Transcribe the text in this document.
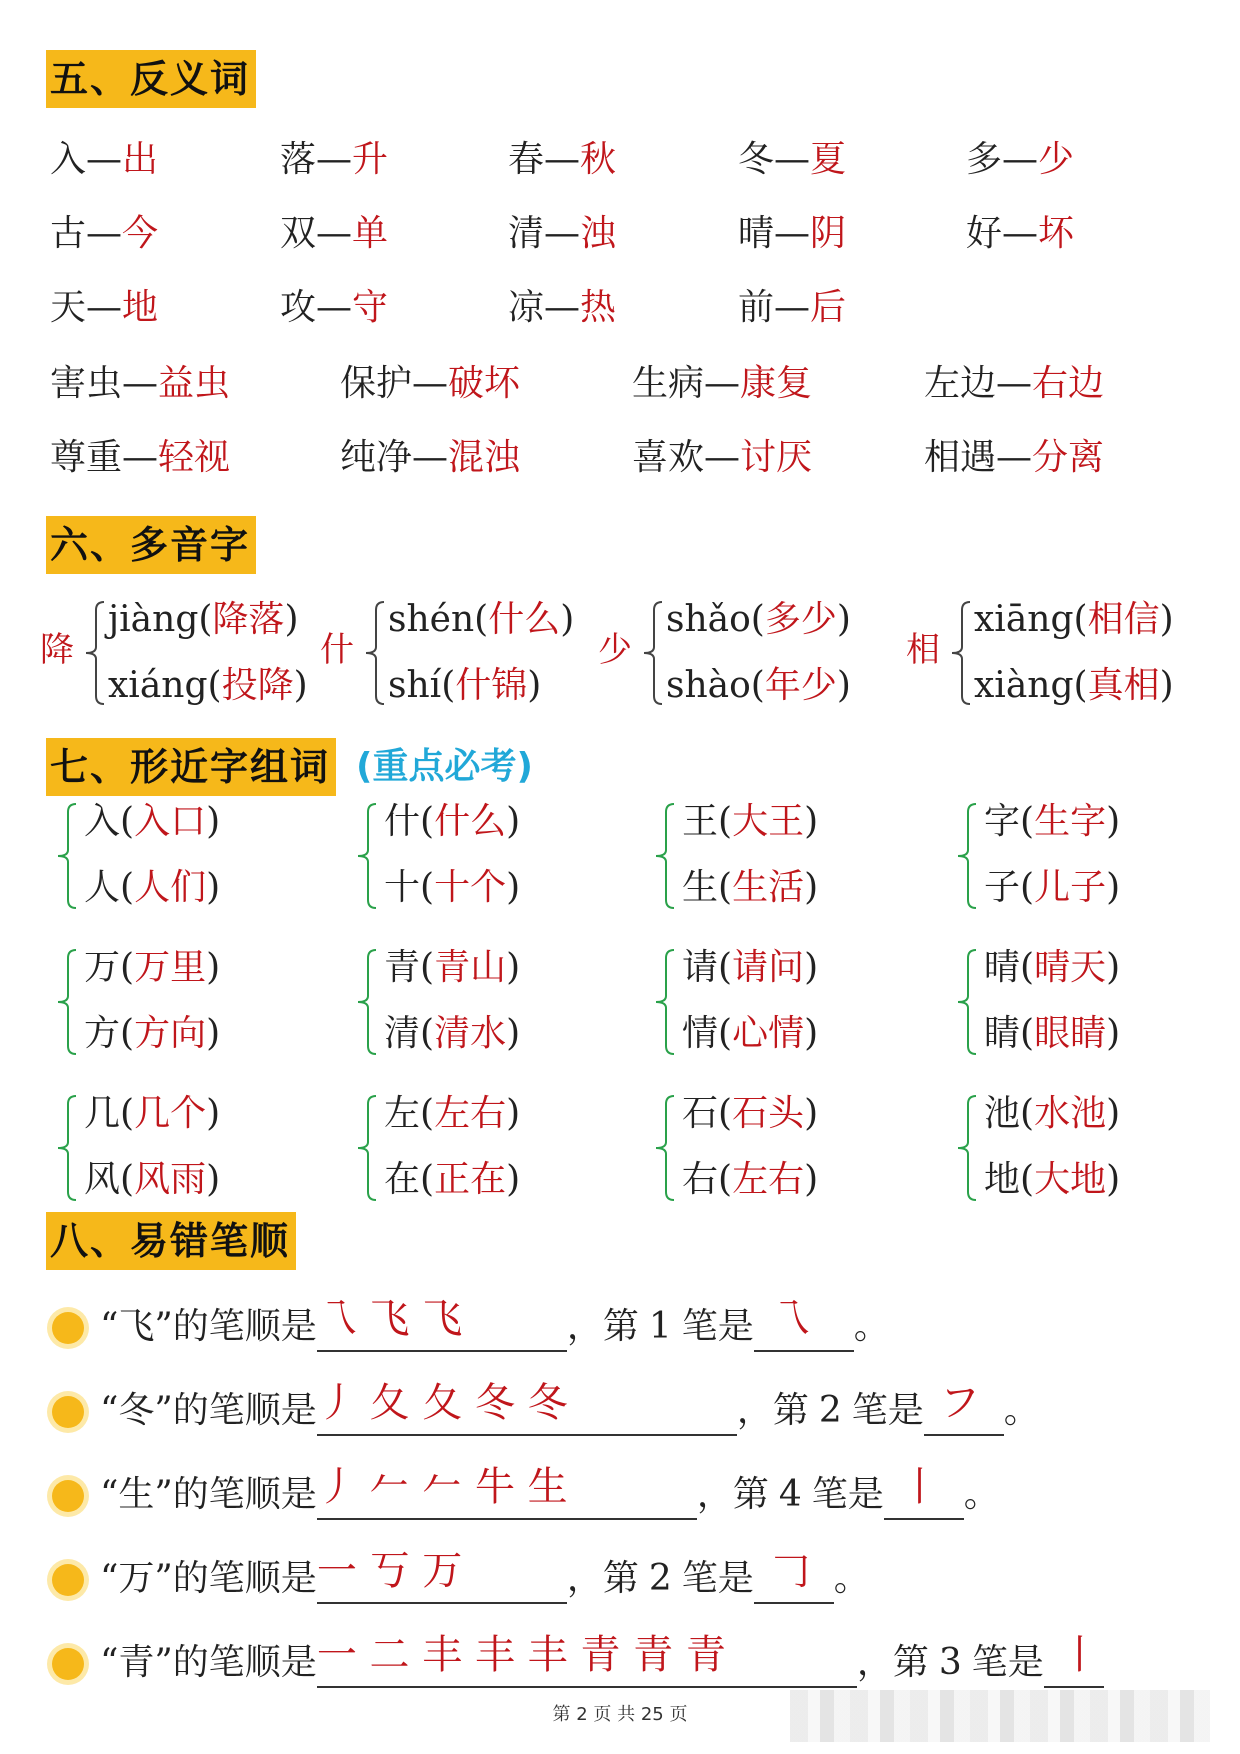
五、反义词
入—出	落—升	春—秋	冬—夏	多—少
古—今	双—单	清—浊	晴—阴	好—坏
天—地	攻—守	凉—热	前—后
害虫—益虫	保护—破坏	生病—康复	左边—右边
尊重—轻视	纯净—混浊	喜欢—讨厌	相遇—分离
六、多音字
降
jiàng(降落)
xiáng(投降)
什
shén(什么)
shí(什锦)
少
shǎo(多少)
shào(年少)
相
xiāng(相信)
xiàng(真相)
七、形近字组词 (重点必考)
入(入口)
人(人们)
什(什么)
十(十个)
王(大王)
生(生活)
字(生字)
子(儿子)
万(万里)
方(方向)
青(青山)
清(清水)
请(请问)
情(心情)
晴(晴天)
睛(眼睛)
几(几个)
风(风雨)
左(左右)
在(正在)
石(石头)
右(左右)
池(水池)
地(大地)
八、易错笔顺
“飞”的笔顺是 乁 飞 飞	，第 1 笔是 乁 。
“冬”的笔顺是 丿 夂 夂 冬 冬	，第 2 笔是 フ 。
“生”的笔顺是 丿 𠂉 𠂉 牛 生	，第 4 笔是 丨 。
“万”的笔顺是 一 丂 万	，第 2 笔是 𠃌 。
“青”的笔顺是 一 二 丰 丰 丰 青 青 青	，第 3 笔是 丨
第 2 页 共 25 页
